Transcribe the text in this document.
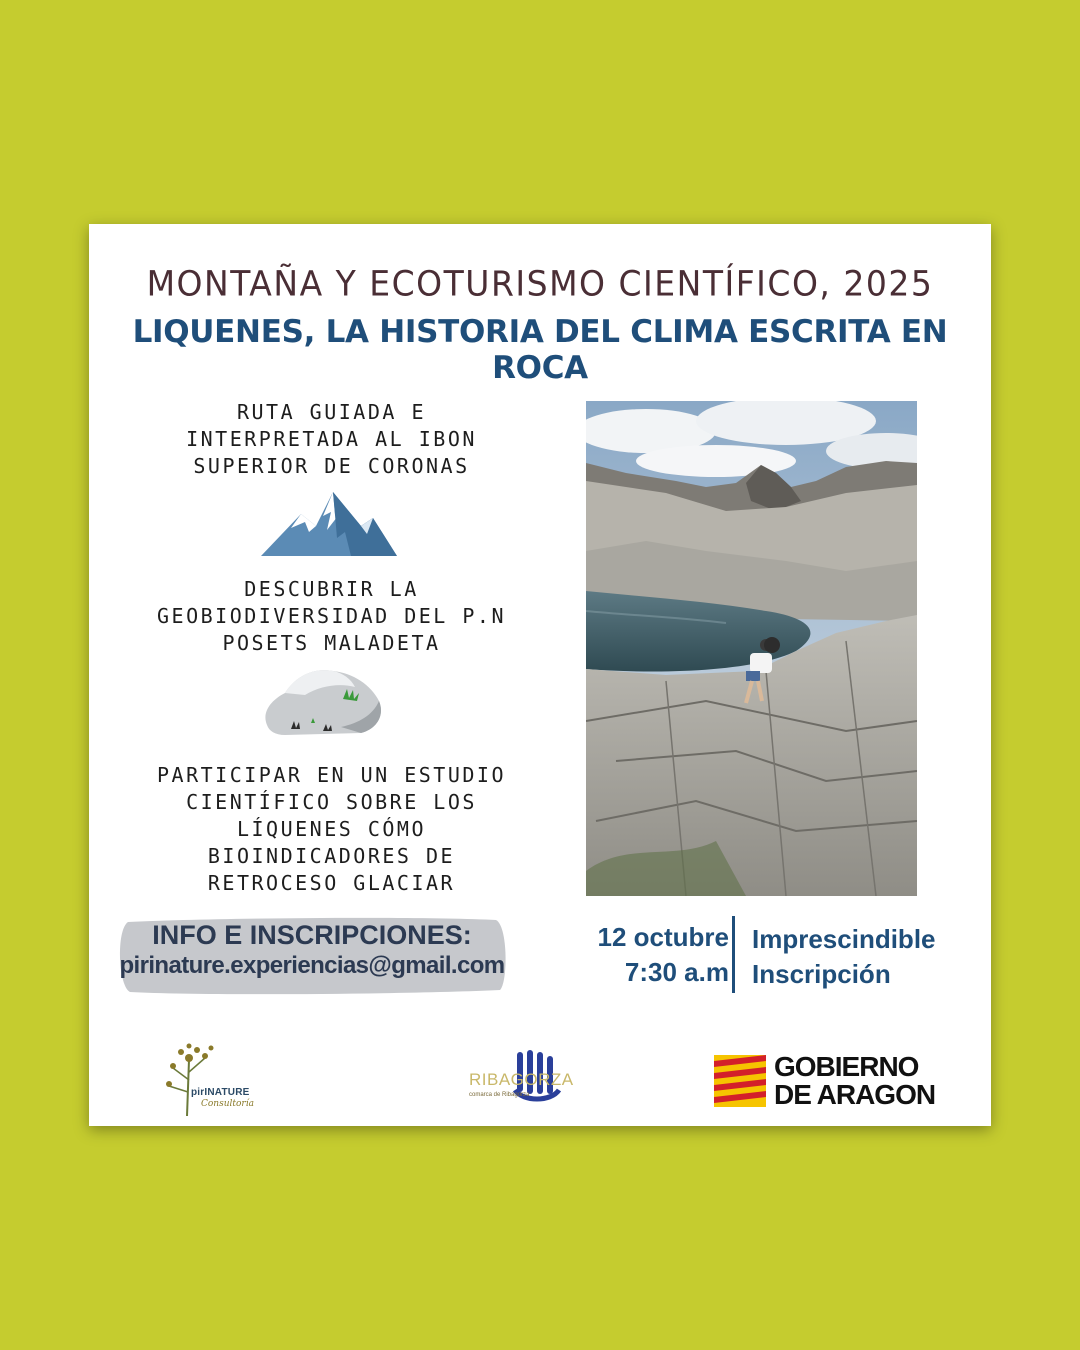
MONTAÑA Y ECOTURISMO CIENTÍFICO, 2025
LIQUENES, LA HISTORIA DEL CLIMA ESCRITA EN ROCA
RUTA GUIADA E
INTERPRETADA AL IBON
SUPERIOR DE CORONAS
DESCUBRIR LA
GEOBIODIVERSIDAD DEL P.N
POSETS MALADETA
PARTICIPAR EN UN ESTUDIO
CIENTÍFICO SOBRE LOS
LÍQUENES CÓMO
BIOINDICADORES DE
RETROCESO GLACIAR
INFO E INSCRIPCIONES:
pirinature.experiencias@gmail.com
12 octubre
7:30 a.m
Imprescindible
Inscripción
pirINATURE
Consultoría
RIBAGORZA
comarca de Ribagorza
GOBIERNO
DE ARAGON
